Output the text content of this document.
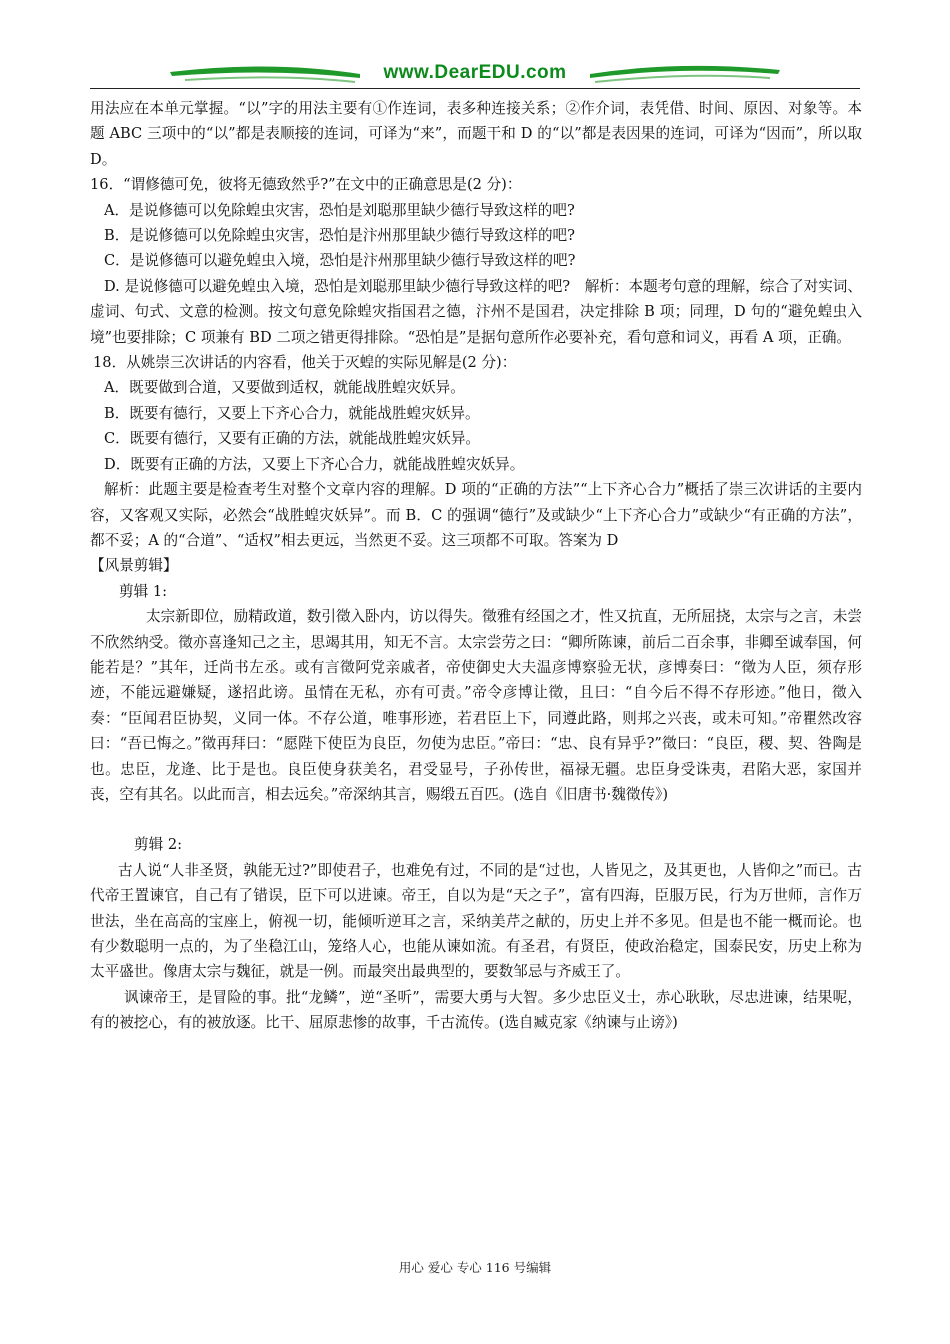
www.DearEDU.com

用法应在本单元掌握。“以”字的用法主要有①作连词，表多种连接关系；②作介词，表凭借、时间、原因、对象等。本题 ABC 三项中的“以”都是表顺接的连词，可译为“来”，而题干和 D 的“以”都是表因果的连词，可译为“因而”，所以取 D。

16．“谓修德可免，彼将无德致然乎?”在文中的正确意思是(2 分)：

A．是说修德可以免除蝗虫灾害，恐怕是刘聪那里缺少德行导致这样的吧?

B．是说修德可以免除蝗虫灾害，恐怕是汴州那里缺少德行导致这样的吧?

C．是说修德可以避免蝗虫入境，恐怕是汴州那里缺少德行导致这样的吧?

D. 是说修德可以避免蝗虫入境，恐怕是刘聪那里缺少德行导致这样的吧?　解析：本题考句意的理解，综合了对实词、虚词、句式、文意的检测。按文句意免除蝗灾指国君之德，汴州不是国君，决定排除 B 项；同理，D 句的“避免蝗虫入境”也要排除；C 项兼有 BD 二项之错更得排除。“恐怕是”是据句意所作必要补充，看句意和词义，再看 A 项，正确。

18．从姚崇三次讲话的内容看，他关于灭蝗的实际见解是(2 分)：

A．既要做到合道，又要做到适权，就能战胜蝗灾妖异。

B．既要有德行，又要上下齐心合力，就能战胜蝗灾妖异。

C．既要有德行，又要有正确的方法，就能战胜蝗灾妖异。

D．既要有正确的方法，又要上下齐心合力，就能战胜蝗灾妖异。

解析：此题主要是检查考生对整个文章内容的理解。D 项的“正确的方法”“上下齐心合力”概括了崇三次讲话的主要内容，又客观又实际，必然会“战胜蝗灾妖异”。而 B．C 的强调“德行”及或缺少“上下齐心合力”或缺少“有正确的方法”，都不妥；A 的“合道”、“适权”相去更远，当然更不妥。这三项都不可取。答案为 D

【风景剪辑】

剪辑 1:

太宗新即位，励精政道，数引徵入卧内，访以得失。徵雅有经国之才，性又抗直，无所屈挠，太宗与之言，未尝不欣然纳受。徵亦喜逢知己之主，思竭其用，知无不言。太宗尝劳之曰：“卿所陈谏，前后二百余事，非卿至诚奉国，何能若是？”其年，迁尚书左丞。或有言徵阿党亲戚者，帝使御史大夫温彦博察验无状，彦博奏曰：“徵为人臣，须存形迹，不能远避嫌疑，遂招此谤。虽情在无私，亦有可责。”帝令彦博让徵，且曰：“自今后不得不存形迹。”他日，徵入奏：“臣闻君臣协契，义同一体。不存公道，唯事形迹，若君臣上下，同遵此路，则邦之兴丧，或未可知。”帝瞿然改容曰：“吾已悔之。”徵再拜曰：“愿陛下使臣为良臣，勿使为忠臣。”帝曰：“忠、良有异乎?”徵曰：“良臣，稷、契、咎陶是也。忠臣，龙逄、比于是也。良臣使身获美名，君受显号，子孙传世，福禄无疆。忠臣身受诛夷，君陷大恶，家国并丧，空有其名。以此而言，相去远矣。”帝深纳其言，赐缎五百匹。(选自《旧唐书·魏徵传》)

剪辑 2:

古人说“人非圣贤，孰能无过?”即使君子，也难免有过，不同的是“过也，人皆见之，及其更也，人皆仰之”而已。古代帝王置谏官，自己有了错误，臣下可以进谏。帝王，自以为是“天之子”，富有四海，臣服万民，行为万世师，言作万世法，坐在高高的宝座上，俯视一切，能倾听逆耳之言，采纳美芹之献的，历史上并不多见。但是也不能一概而论。也有少数聪明一点的，为了坐稳江山，笼络人心，也能从谏如流。有圣君，有贤臣，使政治稳定，国泰民安，历史上称为太平盛世。像唐太宗与魏征，就是一例。而最突出最典型的，要数邹忌与齐威王了。

讽谏帝王，是冒险的事。批“龙鳞”，逆“圣听”，需要大勇与大智。多少忠臣义士，赤心耿耿，尽忠进谏，结果呢，有的被挖心，有的被放逐。比干、屈原悲惨的故事，千古流传。(选自臧克家《纳谏与止谤》)

用心 爱心 专心 116 号编辑
